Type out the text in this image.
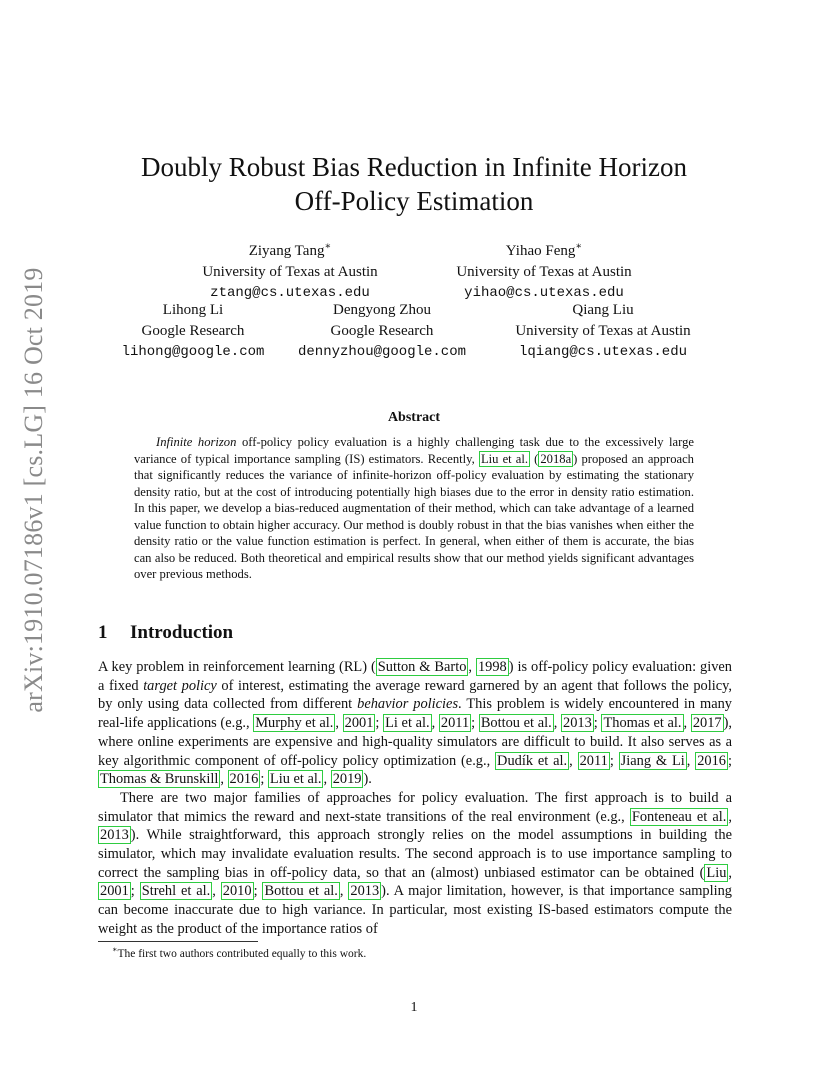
arXiv:1910.07186v1 [cs.LG] 16 Oct 2019
Doubly Robust Bias Reduction in Infinite Horizon
Off-Policy Estimation
Ziyang Tang∗
University of Texas at Austin
ztang@cs.utexas.edu
Yihao Feng∗
University of Texas at Austin
yihao@cs.utexas.edu
Lihong Li
Google Research
lihong@google.com
Dengyong Zhou
Google Research
dennyzhou@google.com
Qiang Liu
University of Texas at Austin
lqiang@cs.utexas.edu
Abstract
Infinite horizon off-policy policy evaluation is a highly challenging task due to the excessively large variance of typical importance sampling (IS) estimators. Recently, Liu et al. ( 2018a ) proposed an approach that significantly reduces the variance of infinite-horizon off-policy evaluation by estimating the stationary density ratio, but at the cost of introducing potentially high biases due to the error in density ratio estimation. In this paper, we develop a bias-reduced augmentation of their method, which can take advantage of a learned value function to obtain higher accuracy. Our method is doubly robust in that the bias vanishes when either the density ratio or the value function estimation is perfect. In general, when either of them is accurate, the bias can also be reduced. Both theoretical and empirical results show that our method yields significant advantages over previous methods.
1 Introduction

A key problem in reinforcement learning (RL) ( Sutton & Barto , 1998 ) is off-policy policy evaluation: given a fixed target policy of interest, estimating the average reward garnered by an agent that follows the policy, by only using data collected from different behavior policies. This problem is widely encountered in many real-life applications (e.g., Murphy et al. , 2001 ; Li et al. , 2011 ; Bottou et al. , 2013 ; Thomas et al. , 2017 ), where online experiments are expensive and high-quality simulators are difficult to build. It also serves as a key algorithmic component of off-policy policy optimization (e.g., Dudík et al. , 2011 ; Jiang & Li , 2016 ; Thomas & Brunskill , 2016 ; Liu et al. , 2019 ).

There are two major families of approaches for policy evaluation. The first approach is to build a simulator that mimics the reward and next-state transitions of the real environment (e.g., Fonteneau et al. , 2013 ). While straightforward, this approach strongly relies on the model assumptions in building the simulator, which may invalidate evaluation results. The second approach is to use importance sampling to correct the sampling bias in off-policy data, so that an (almost) unbiased estimator can be obtained ( Liu , 2001 ; Strehl et al. , 2010 ; Bottou et al. , 2013 ). A major limitation, however, is that importance sampling can become inaccurate due to high variance. In particular, most existing IS-based estimators compute the weight as the product of the importance ratios of

∗The first two authors contributed equally to this work.
1
